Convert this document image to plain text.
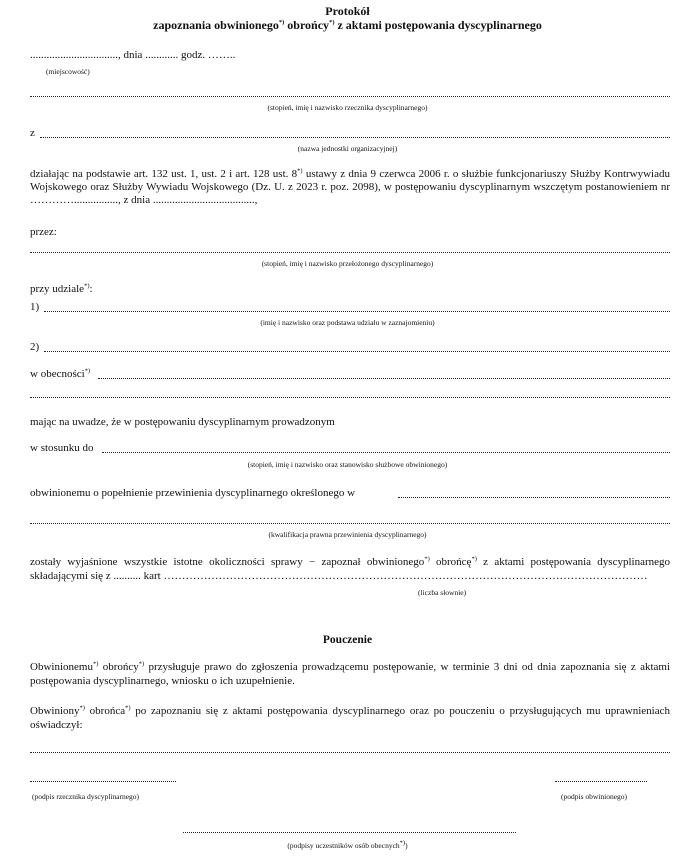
Protokół
zapoznania obwinionego*) obrońcy*) z aktami postępowania dyscyplinarnego
................................, dnia ............ godz. ……..
(miejscowość)
(stopień, imię i nazwisko rzecznika dyscyplinarnego)
z
(nazwa jednostki organizacyjnej)
działając na podstawie art. 132 ust. 1, ust. 2 i art. 128 ust. 8*) ustawy z dnia 9 czerwca 2006 r. o służbie funkcjonariuszy Służby Kontrwywiadu Wojskowego oraz Służby Wywiadu Wojskowego (Dz. U. z 2023 r. poz. 2098), w postępowaniu dyscyplinarnym wszczętym postanowieniem nr …………................, z dnia .....................................,
przez:
(stopień, imię i nazwisko przełożonego dyscyplinarnego)
przy udziale*):
1)
(imię i nazwisko oraz podstawa udziału w zaznajomieniu)
2)
w obecności*)
mając na uwadze, że w postępowaniu dyscyplinarnym prowadzonym
w stosunku do
(stopień, imię i nazwisko oraz stanowisko służbowe obwinionego)
obwinionemu o popełnienie przewinienia dyscyplinarnego określonego w
(kwalifikacja prawna przewinienia dyscyplinarnego)
zostały wyjaśnione wszystkie istotne okoliczności sprawy − zapoznał obwinionego*) obrońcę*) z aktami postępowania dyscyplinarnego składającymi się z .......... kart ……………………………………………………………………………………………………………………
(liczba słownie)
Pouczenie
Obwinionemu*) obrońcy*) przysługuje prawo do zgłoszenia prowadzącemu postępowanie, w terminie 3 dni od dnia zapoznania się z aktami postępowania dyscyplinarnego, wniosku o ich uzupełnienie.
Obwiniony*) obrońca*) po zapoznaniu się z aktami postępowania dyscyplinarnego oraz po pouczeniu o przysługujących mu uprawnieniach oświadczył:
(podpis rzecznika dyscyplinarnego)	(podpis obwinionego)
(podpisy uczestników osób obecnych*))
